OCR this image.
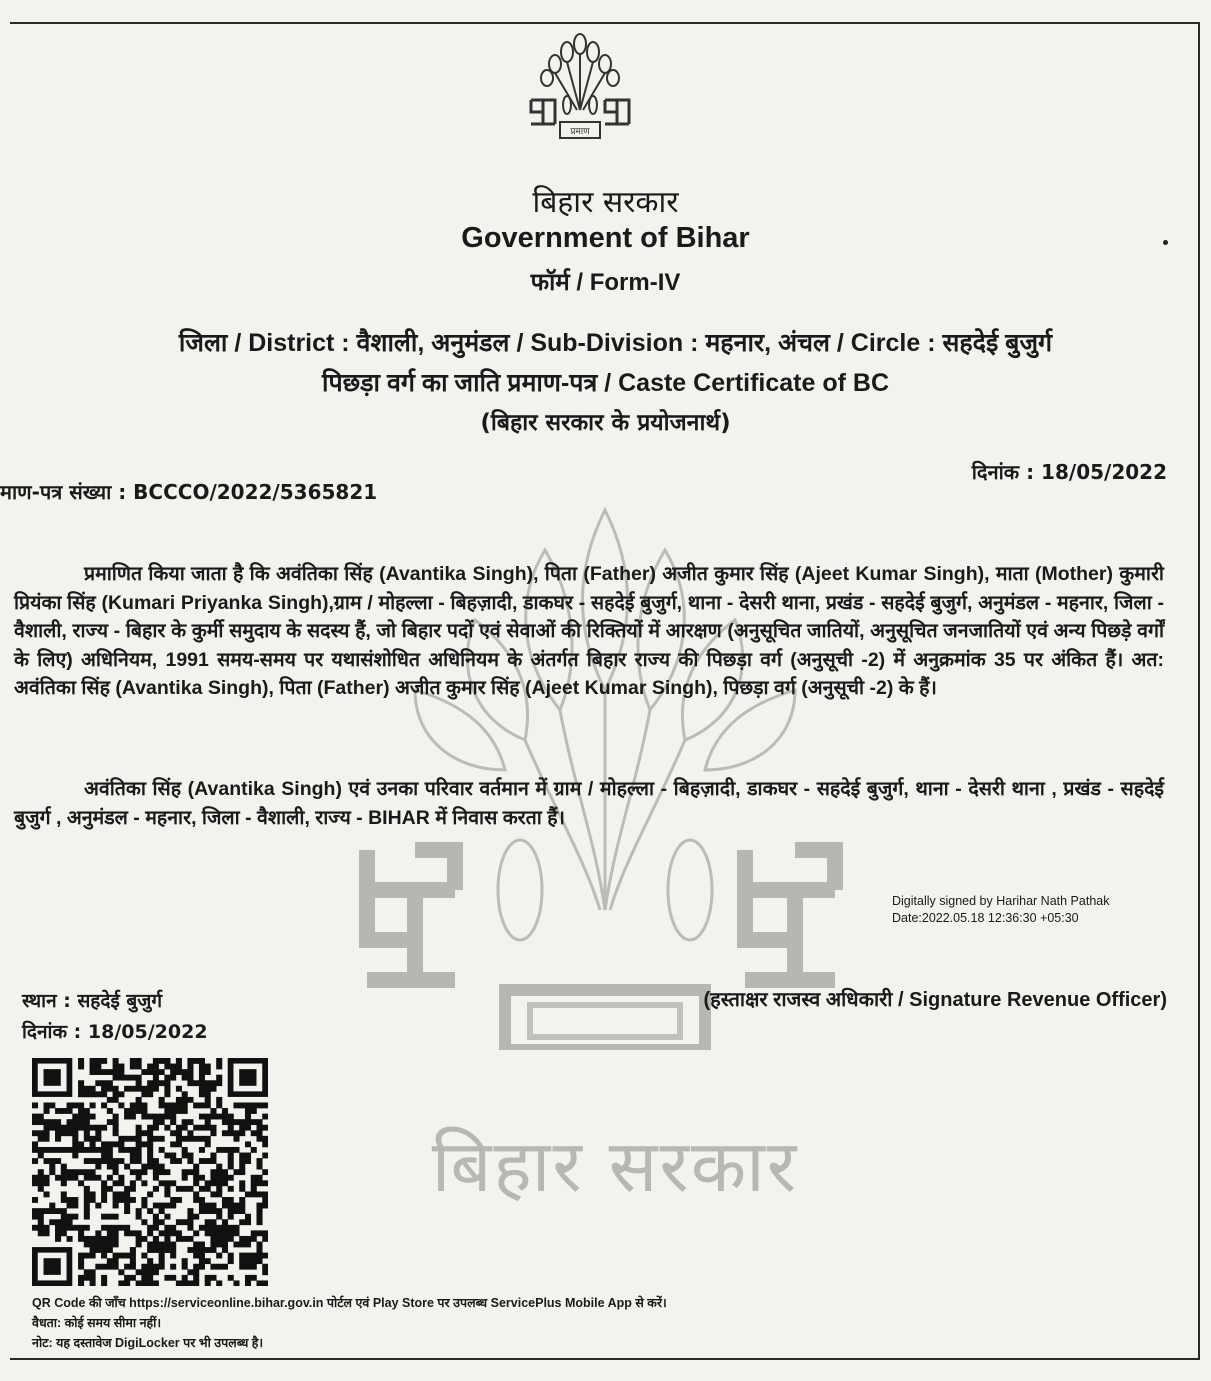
बिहार सरकार
प्रमाण
बिहार सरकार
Government of Bihar
फॉर्म / Form-IV
जिला / District : वैशाली, अनुमंडल / Sub-Division : महनार, अंचल / Circle : सहदेई बुजुर्ग
पिछड़ा वर्ग का जाति प्रमाण-पत्र / Caste Certificate of BC
(बिहार सरकार के प्रयोजनार्थ)
माण-पत्र संख्या : BCCCO/2022/5365821
दिनांक : 18/05/2022
प्रमाणित किया जाता है कि अवंतिका सिंह (Avantika Singh), पिता (Father) अजीत कुमार सिंह (Ajeet Kumar Singh), माता (Mother) कुमारी प्रियंका सिंह (Kumari Priyanka Singh),ग्राम / मोहल्ला - बिहज़ादी, डाकघर - सहदेई बुजुर्ग, थाना - देसरी थाना, प्रखंड - सहदेई बुजुर्ग, अनुमंडल - महनार, जिला - वैशाली, राज्य - बिहार के कुर्मी समुदाय के सदस्य हैं, जो बिहार पदों एवं सेवाओं की रिक्तियों में आरक्षण (अनुसूचित जातियों, अनुसूचित जनजातियों एवं अन्य पिछड़े वर्गों के लिए) अधिनियम, 1991 समय-समय पर यथासंशोधित अधिनियम के अंतर्गत बिहार राज्य की पिछड़ा वर्ग (अनुसूची -2) में अनुक्रमांक 35 पर अंकित हैं। अत: अवंतिका सिंह (Avantika Singh), पिता (Father) अजीत कुमार सिंह (Ajeet Kumar Singh), पिछड़ा वर्ग (अनुसूची -2) के हैं।
अवंतिका सिंह (Avantika Singh) एवं उनका परिवार वर्तमान में ग्राम / मोहल्ला - बिहज़ादी, डाकघर - सहदेई बुजुर्ग, थाना - देसरी थाना , प्रखंड - सहदेई बुजुर्ग , अनुमंडल - महनार, जिला - वैशाली, राज्य - BIHAR में निवास करता हैं।
Digitally signed by Harihar Nath Pathak
Date:2022.05.18 12:36:30 +05:30
(हस्ताक्षर राजस्व अधिकारी / Signature Revenue Officer)
स्थान : सहदेई बुजुर्ग
दिनांक : 18/05/2022
QR Code की जाँच https://serviceonline.bihar.gov.in पोर्टल एवं Play Store पर उपलब्ध ServicePlus Mobile App से करें।
वैधता: कोई समय सीमा नहीं।
नोट: यह दस्तावेज DigiLocker पर भी उपलब्ध है।
